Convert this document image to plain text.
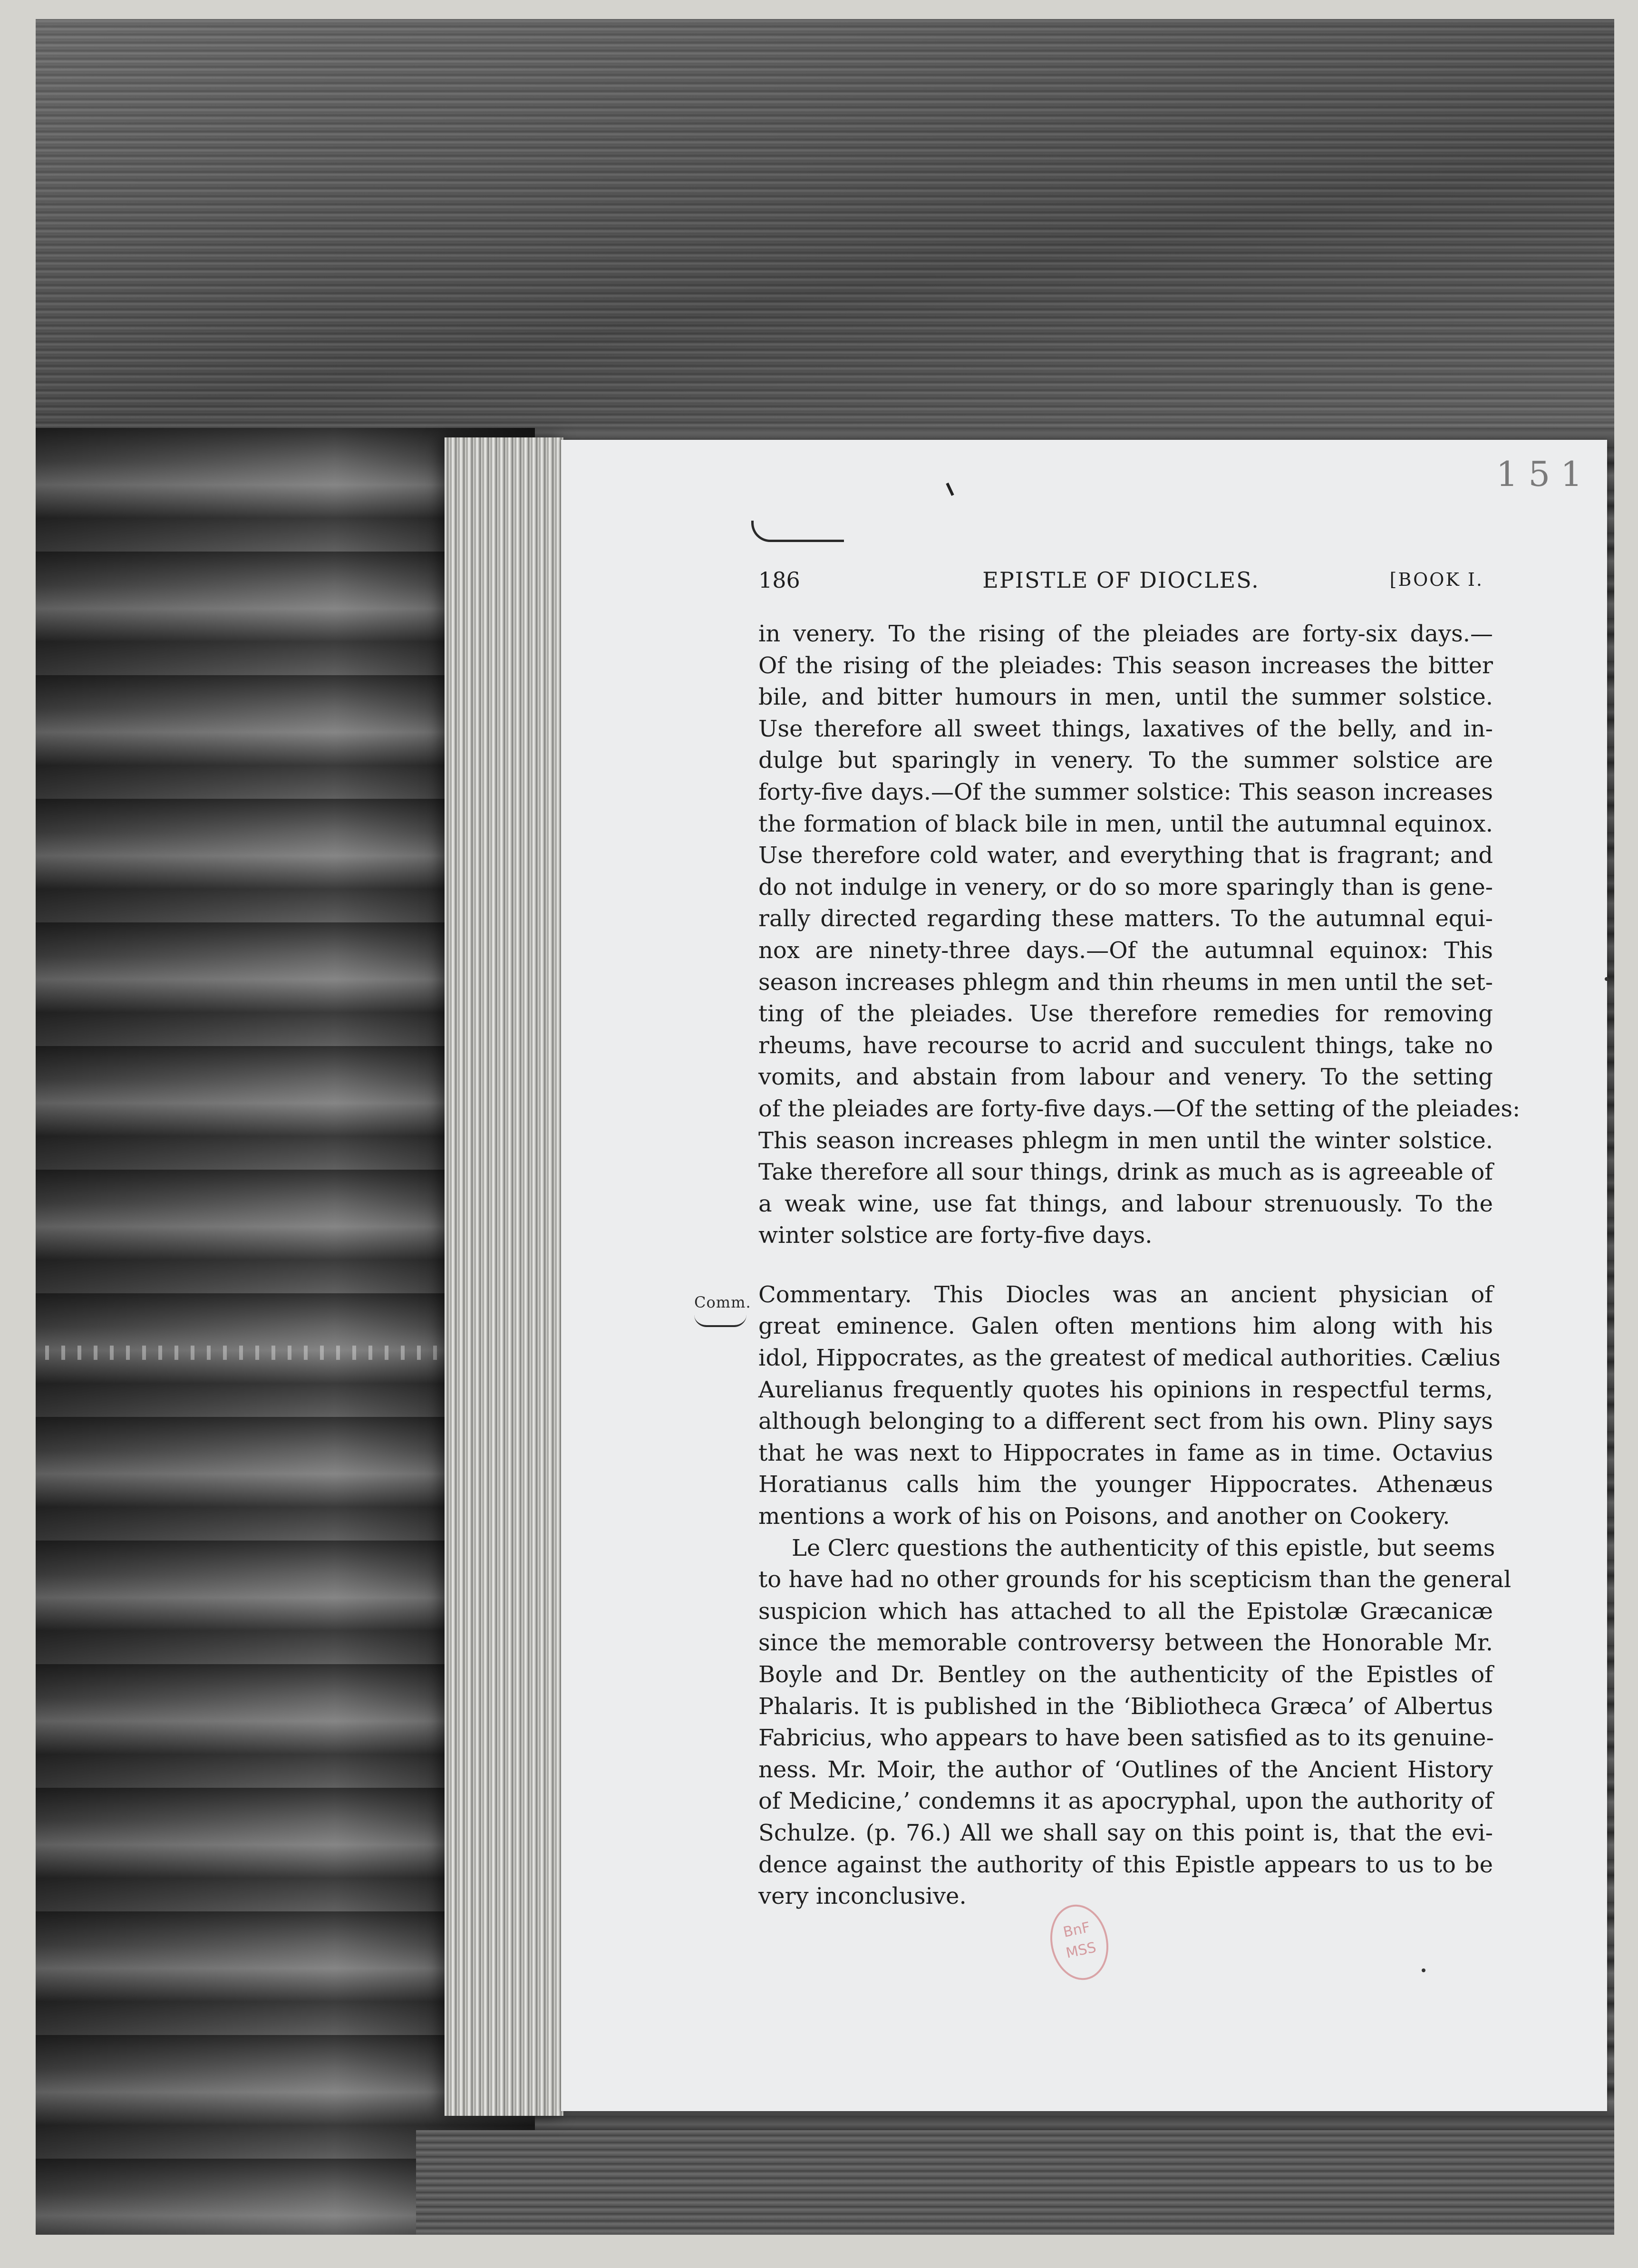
151
186	EPISTLE OF DIOCLES.	[BOOK I.
Comm.
in venery. To the rising of the pleiades are forty-six days.—
Of the rising of the pleiades: This season increases the bitter
bile, and bitter humours in men, until the summer solstice.
Use therefore all sweet things, laxatives of the belly, and in-
dulge but sparingly in venery. To the summer solstice are
forty-five days.—Of the summer solstice: This season increases
the formation of black bile in men, until the autumnal equinox.
Use therefore cold water, and everything that is fragrant; and
do not indulge in venery, or do so more sparingly than is gene-
rally directed regarding these matters. To the autumnal equi-
nox are ninety-three days.—Of the autumnal equinox: This
season increases phlegm and thin rheums in men until the set-
ting of the pleiades. Use therefore remedies for removing
rheums, have recourse to acrid and succulent things, take no
vomits, and abstain from labour and venery. To the setting
of the pleiades are forty-five days.—Of the setting of the pleiades:
This season increases phlegm in men until the winter solstice.
Take therefore all sour things, drink as much as is agreeable of
a weak wine, use fat things, and labour strenuously. To the
winter solstice are forty-five days.
Commentary. This Diocles was an ancient physician of
great eminence. Galen often mentions him along with his
idol, Hippocrates, as the greatest of medical authorities. Cælius
Aurelianus frequently quotes his opinions in respectful terms,
although belonging to a different sect from his own. Pliny says
that he was next to Hippocrates in fame as in time. Octavius
Horatianus calls him the younger Hippocrates. Athenæus
mentions a work of his on Poisons, and another on Cookery.
Le Clerc questions the authenticity of this epistle, but seems
to have had no other grounds for his scepticism than the general
suspicion which has attached to all the Epistolæ Græcanicæ
since the memorable controversy between the Honorable Mr.
Boyle and Dr. Bentley on the authenticity of the Epistles of
Phalaris. It is published in the ‘Bibliotheca Græca’ of Albertus
Fabricius, who appears to have been satisfied as to its genuine-
ness. Mr. Moir, the author of ‘Outlines of the Ancient History
of Medicine,’ condemns it as apocryphal, upon the authority of
Schulze. (p. 76.) All we shall say on this point is, that the evi-
dence against the authority of this Epistle appears to us to be
very inconclusive.
BnF
MSS
